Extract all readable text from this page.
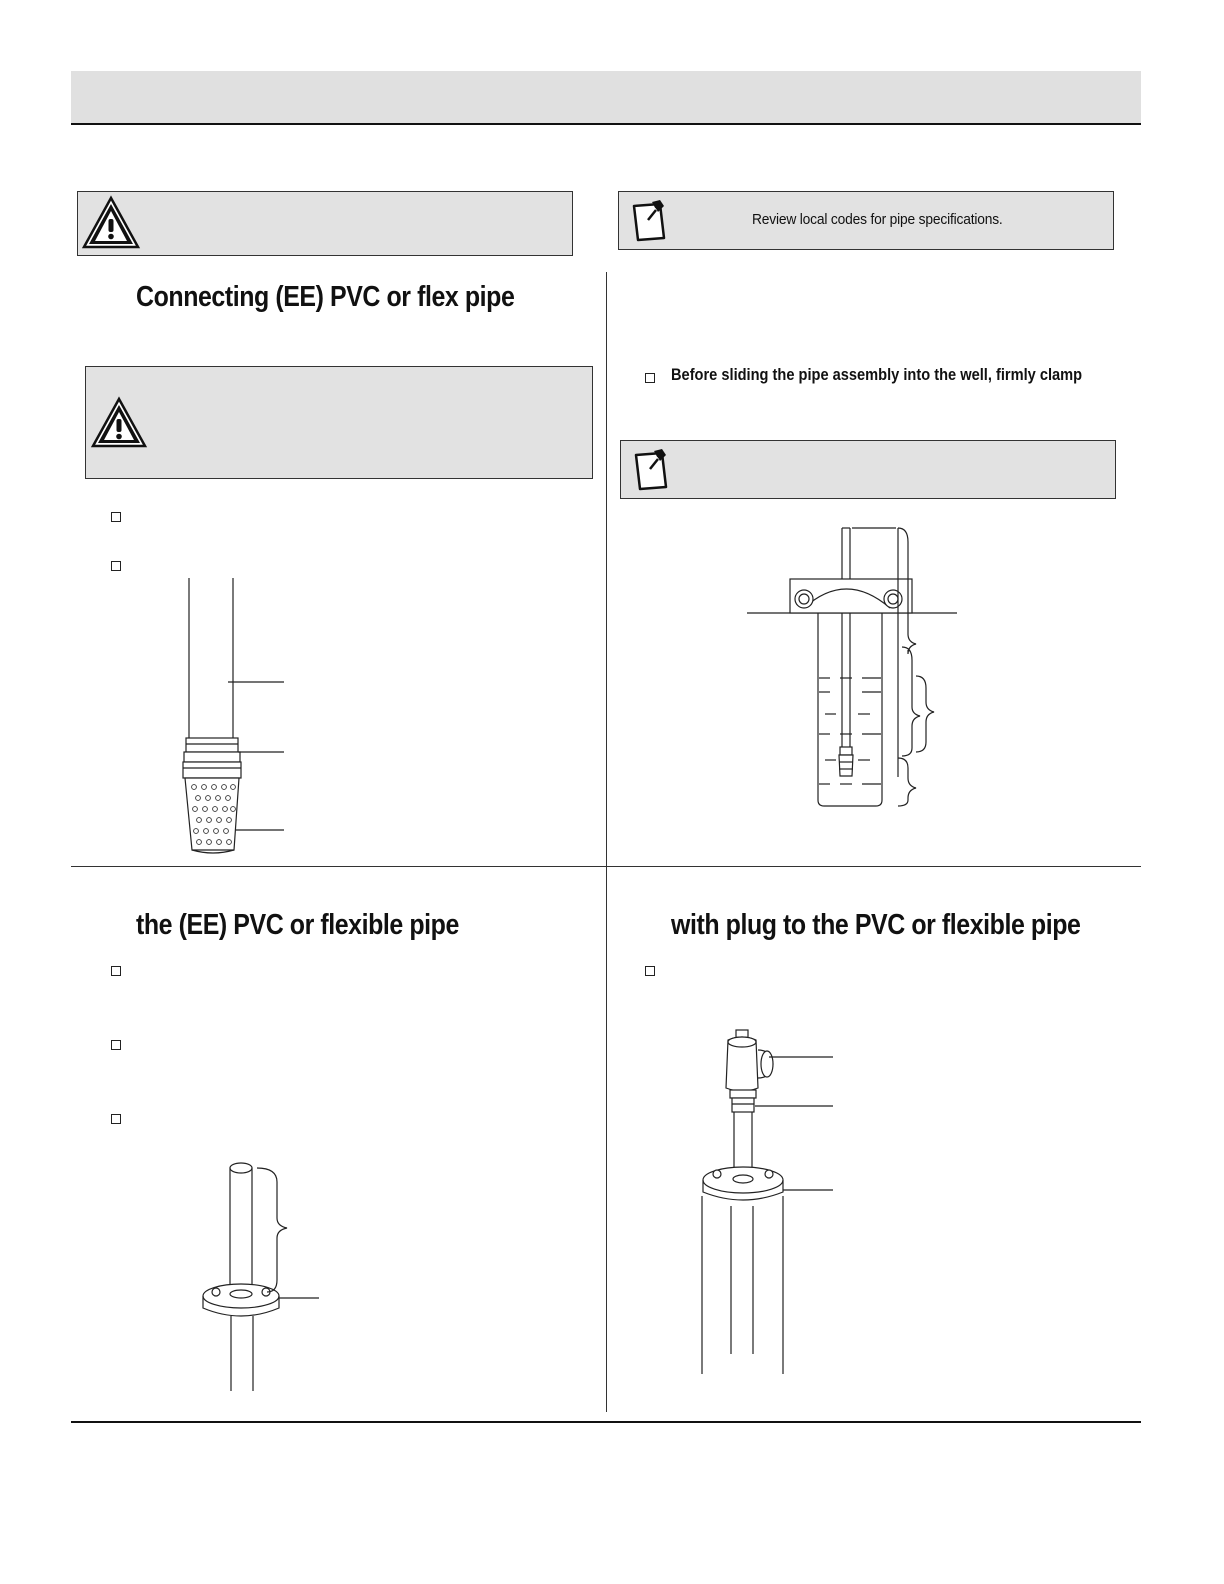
Review local codes for pipe specifications.
Connecting (EE) PVC or flex pipe
Before sliding the pipe assembly into the well, firmly clamp
the (EE) PVC or flexible pipe	with plug to the PVC or flexible pipe
